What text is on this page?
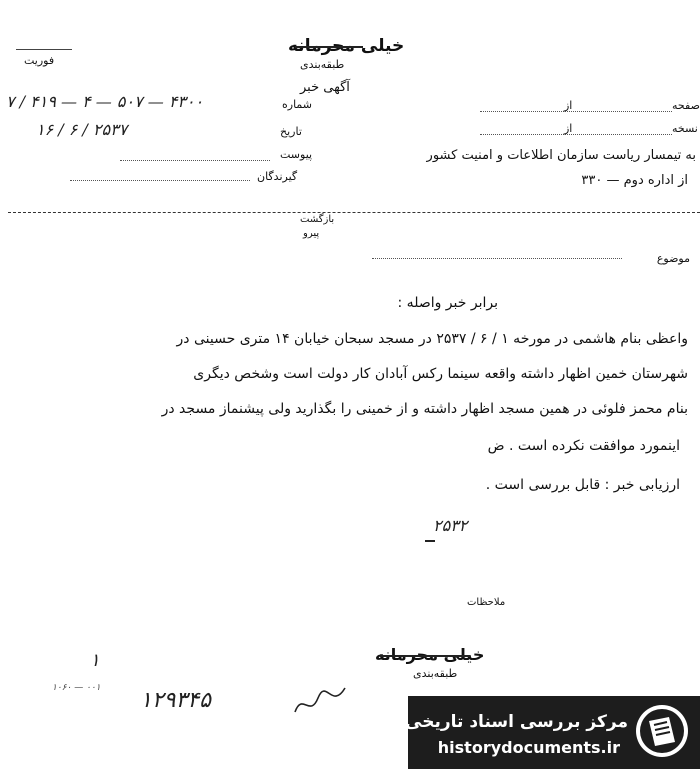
فوریت
خیلی محرمانه
طبقه‌بندی
آگهی خبر
۴۳۰۰ — ۵۰۷ — ۴ — ۴۱۹ / ۷	شماره
۲۵۳۷ / ۶ / ۱۶	تاریخ
پیوست
گیرندگان
از	صفحه
از	نسخه
به تیمسار ریاست سازمان اطلاعات و امنیت کشور
از اداره دوم — ۳۳۰
بازگشت
پیرو
موضوع
برابر خبر واصله :
واعظی بنام هاشمی در مورخه ۱ / ۶ / ۲۵۳۷ در مسجد سبحان خیابان ۱۴ متری حسینی در
شهرستان خمین اظهار داشته واقعه سینما رکس آبادان کار دولت است وشخص دیگری
بنام محمز فلوئی در همین مسجد اظهار داشته و از خمینی را بگذارید ولی پیشنماز مسجد در
اینمورد موافقت نکرده است . ض
ارزیابی خبر : قابل بررسی است .
۲۵۳۲
ملاحظات
خیلی محرمانه
طبقه‌بندی
۱
۱۰۶۰ — ۰۰۱ ۱۲۹۳۴۵
مرکز بررسی اسناد تاریخی
historydocuments.ir
